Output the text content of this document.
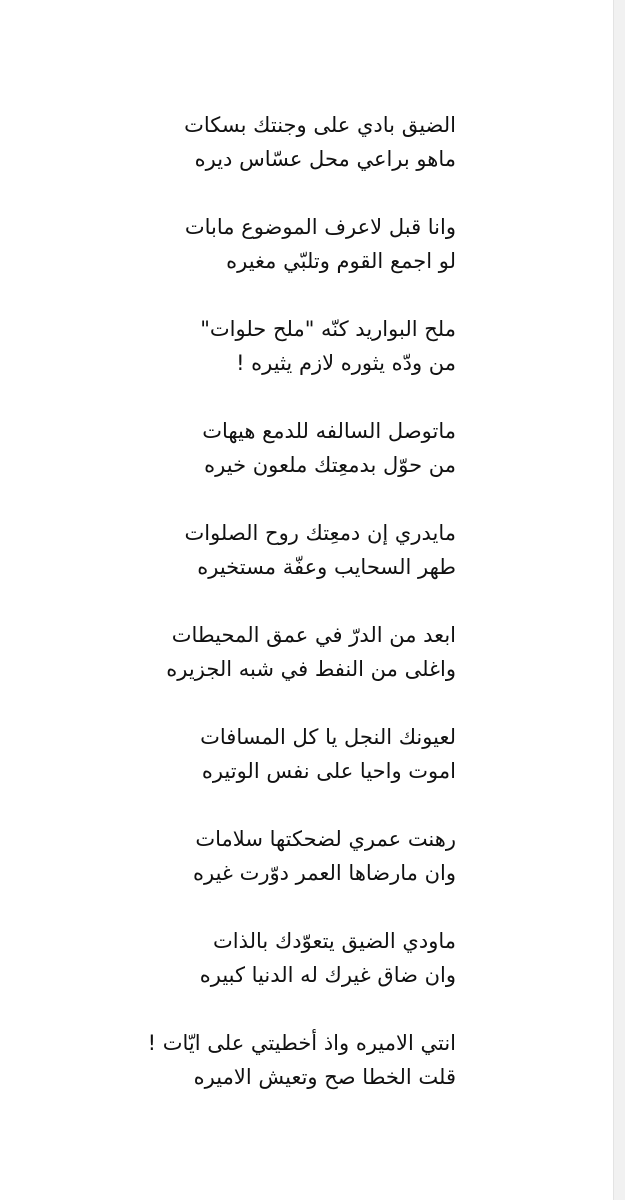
الضيق بادي على وجنتك بسكات
ماهو براعي محل عسّاس ديره
وانا قبل لاعرف الموضوع مابات
لو اجمع القوم وتلبّي مغيره
ملح البواريد كنّه "ملح حلوات"
من ودّه يثوره لازم يثيره !
ماتوصل السالفه للدمع هيهات
من حوّل بدمعِتك ملعون خيره
مايدري إن دمعِتك روح الصلوات
طهر السحايب وعفّة مستخيره
ابعد من الدرّ في عمق المحيطات
واغلى من النفط في شبه الجزيره
لعيونك النجل يا كل المسافات
اموت واحيا على نفس الوتيره
رهنت عمري لضحكتها سلامات
وان مارضاها العمر دوّرت غيره
ماودي الضيق يتعوّدك بالذات
وان ضاق غيرك له الدنيا كبيره
انتي الاميره واذ أخطيتي على ايّات !
قلت الخطا صح وتعيش الاميره
